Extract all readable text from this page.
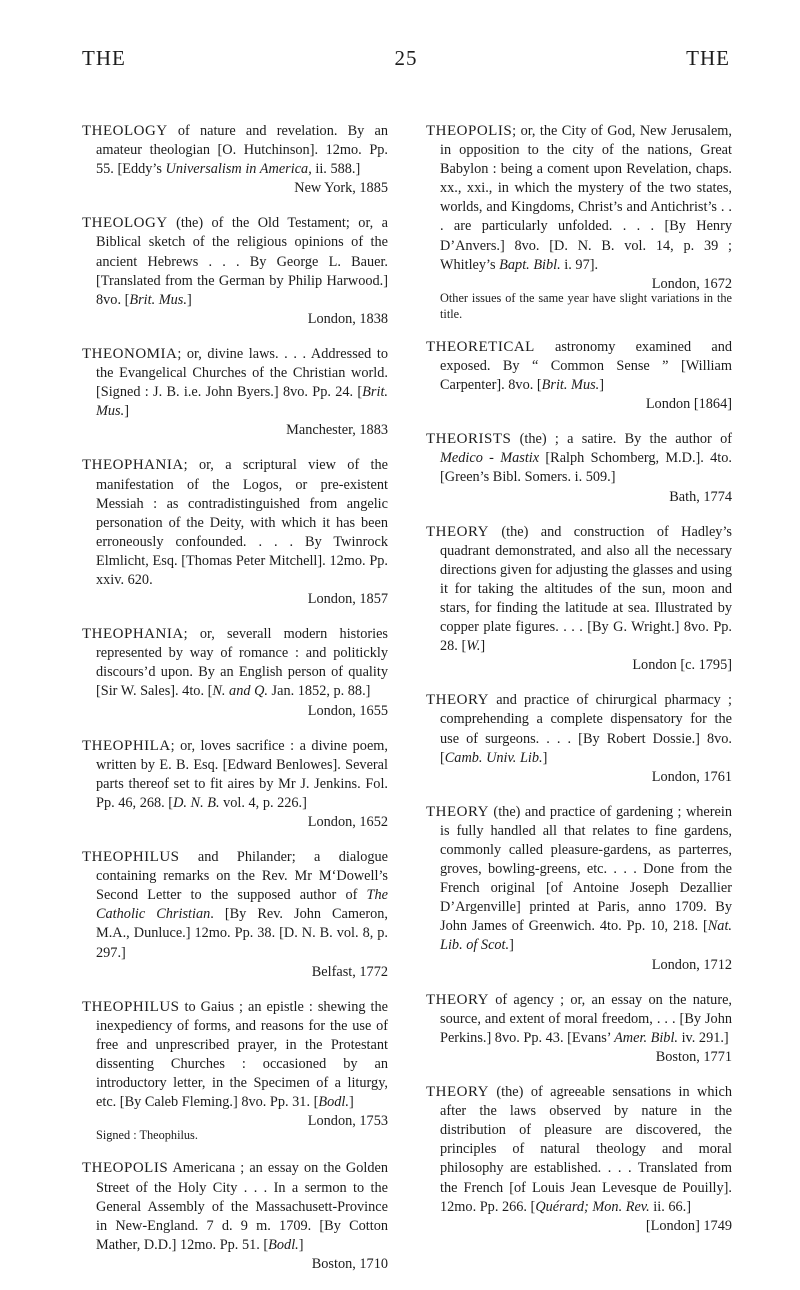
THE	25	THE

THEOLOGY of nature and revelation. By an amateur theologian [O. Hutchinson]. 12mo. Pp. 55. [Eddy’s Universalism in America, ii. 588.]
New York, 1885

THEOLOGY (the) of the Old Testament; or, a Biblical sketch of the religious opinions of the ancient Hebrews . . . By George L. Bauer. [Translated from the German by Philip Harwood.] 8vo. [Brit. Mus.]
London, 1838

THEONOMIA; or, divine laws. . . . Addressed to the Evangelical Churches of the Christian world. [Signed : J. B. i.e. John Byers.] 8vo. Pp. 24. [Brit. Mus.]
Manchester, 1883

THEOPHANIA; or, a scriptural view of the manifestation of the Logos, or pre-existent Messiah : as contradistinguished from angelic personation of the Deity, with which it has been erroneously confounded. . . . By Twinrock Elmlicht, Esq. [Thomas Peter Mitchell]. 12mo. Pp. xxiv. 620.
London, 1857

THEOPHANIA; or, severall modern histories represented by way of romance : and politickly discours’d upon. By an English person of quality [Sir W. Sales]. 4to. [N. and Q. Jan. 1852, p. 88.]
London, 1655

THEOPHILA; or, loves sacrifice : a divine poem, written by E. B. Esq. [Edward Benlowes]. Several parts thereof set to fit aires by Mr J. Jenkins. Fol. Pp. 46, 268. [D. N. B. vol. 4, p. 226.]
London, 1652

THEOPHILUS and Philander; a dialogue containing remarks on the Rev. Mr M‘Dowell’s Second Letter to the supposed author of The Catholic Christian. [By Rev. John Cameron, M.A., Dunluce.] 12mo. Pp. 38. [D. N. B. vol. 8, p. 297.]
Belfast, 1772

THEOPHILUS to Gaius ; an epistle : shewing the inexpediency of forms, and reasons for the use of free and unprescribed prayer, in the Protestant dissenting Churches : occasioned by an introductory letter, in the Specimen of a liturgy, etc. [By Caleb Fleming.] 8vo. Pp. 31. [Bodl.]
London, 1753

Signed : Theophilus.

THEOPOLIS Americana ; an essay on the Golden Street of the Holy City . . . In a sermon to the General Assembly of the Massachusett-Province in New-England. 7 d. 9 m. 1709. [By Cotton Mather, D.D.] 12mo. Pp. 51. [Bodl.]
Boston, 1710

THEOPOLIS; or, the City of God, New Jerusalem, in opposition to the city of the nations, Great Babylon : being a coment upon Revelation, chaps. xx., xxi., in which the mystery of the two states, worlds, and Kingdoms, Christ’s and Antichrist’s . . . are particularly unfolded. . . . [By Henry D’Anvers.] 8vo. [D. N. B. vol. 14, p. 39 ; Whitley’s Bapt. Bibl. i. 97].
London, 1672

Other issues of the same year have slight variations in the title.

THEORETICAL astronomy examined and exposed. By “ Common Sense ” [William Carpenter]. 8vo. [Brit. Mus.]
London [1864]

THEORISTS (the) ; a satire. By the author of Medico - Mastix [Ralph Schomberg, M.D.]. 4to. [Green’s Bibl. Somers. i. 509.]
Bath, 1774

THEORY (the) and construction of Hadley’s quadrant demonstrated, and also all the necessary directions given for adjusting the glasses and using it for taking the altitudes of the sun, moon and stars, for finding the latitude at sea. Illustrated by copper plate figures. . . . [By G. Wright.] 8vo. Pp. 28. [W.]
London [c. 1795]

THEORY and practice of chirurgical pharmacy ; comprehending a complete dispensatory for the use of surgeons. . . . [By Robert Dossie.] 8vo. [Camb. Univ. Lib.]
London, 1761

THEORY (the) and practice of gardening ; wherein is fully handled all that relates to fine gardens, commonly called pleasure-gardens, as parterres, groves, bowling-greens, etc. . . . Done from the French original [of Antoine Joseph Dezallier D’Argenville] printed at Paris, anno 1709. By John James of Greenwich. 4to. Pp. 10, 218. [Nat. Lib. of Scot.]
London, 1712

THEORY of agency ; or, an essay on the nature, source, and extent of moral freedom, . . . [By John Perkins.] 8vo. Pp. 43. [Evans’ Amer. Bibl. iv. 291.]
Boston, 1771

THEORY (the) of agreeable sensations in which after the laws observed by nature in the distribution of pleasure are discovered, the principles of natural theology and moral philosophy are established. . . . Translated from the French [of Louis Jean Levesque de Pouilly]. 12mo. Pp. 266. [Quérard; Mon. Rev. ii. 66.]
[London] 1749
